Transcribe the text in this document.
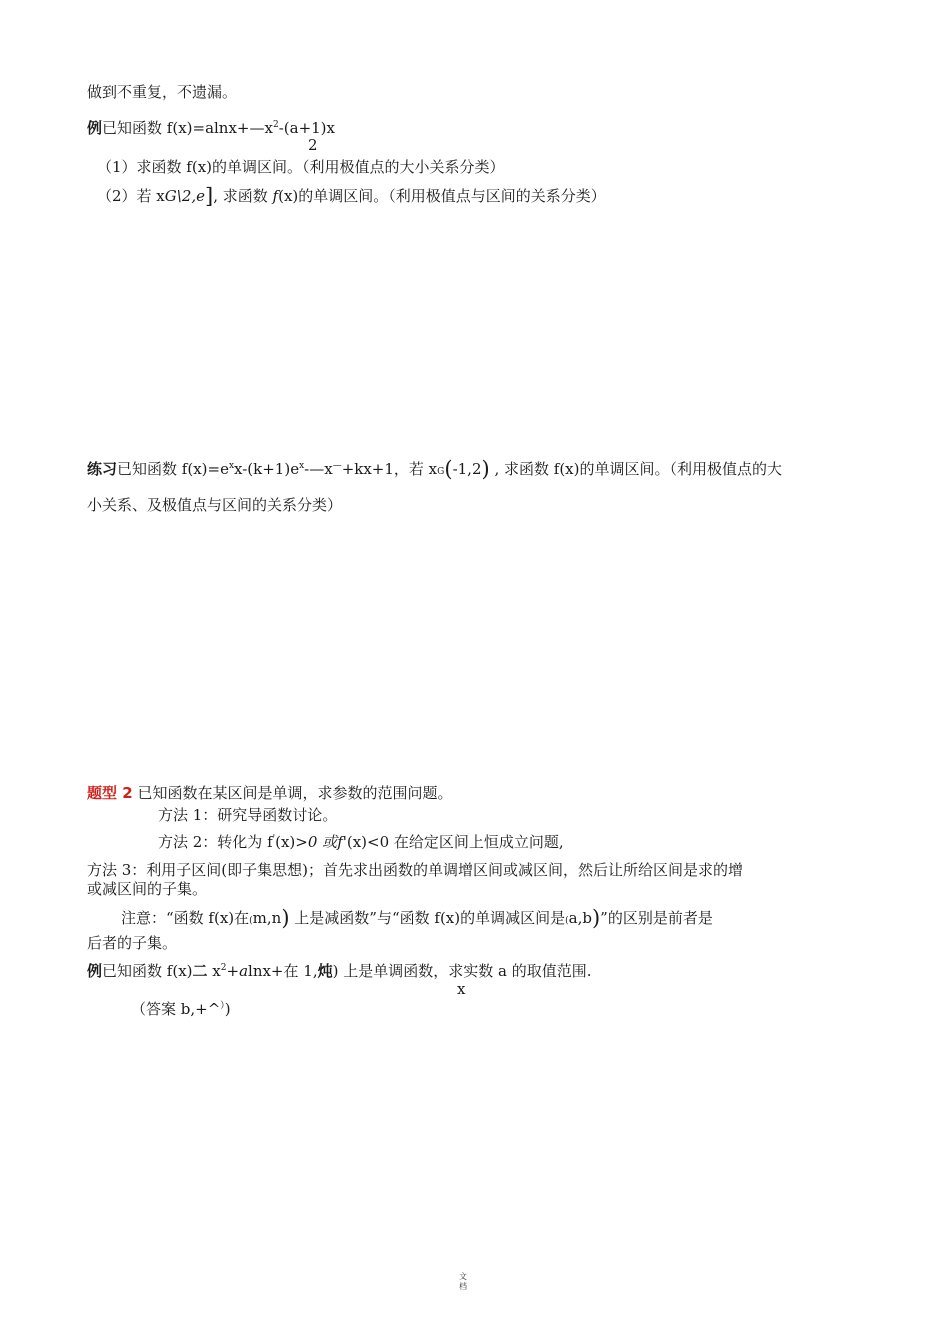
做到不重复，不遗漏。
例已知函数 $f(x)=alnx+—x^2-(a+1)x$
2
（1）求函数 f(x)的单调区间。（利用极值点的大小关系分类）
（2）若 xG\2,e], 求函数 f(x)的单调区间。（利用极值点与区间的关系分类）
练习已知函数 $f(x)=e^xx-(k+1)e^x-—x^—+kx+1$，若 xG(-1,2) , 求函数 f(x)的单调区间。（利用极值点的大
小关系、及极值点与区间的关系分类）
题型 2 已知函数在某区间是单调，求参数的范围问题。
方法 1：研究导函数讨论。
方法 2：转化为 f'(x)>0 或f'(x)<0 在给定区间上恒成立问题,
方法 3：利用子区间(即子集思想)；首先求出函数的单调增区间或减区间，然后让所给区间是求的增
或减区间的子集。
注意：“函数 f(x)在(m,n) 上是减函数”与“函数 f(x)的单调减区间是(a,b)”的区别是前者是
后者的子集。
例已知函数 f(x)二 $x^2+alnx+$在 1,炖) 上是单调函数，求实数 a 的取值范围.
x
（答案 b,+^）)
文
档
